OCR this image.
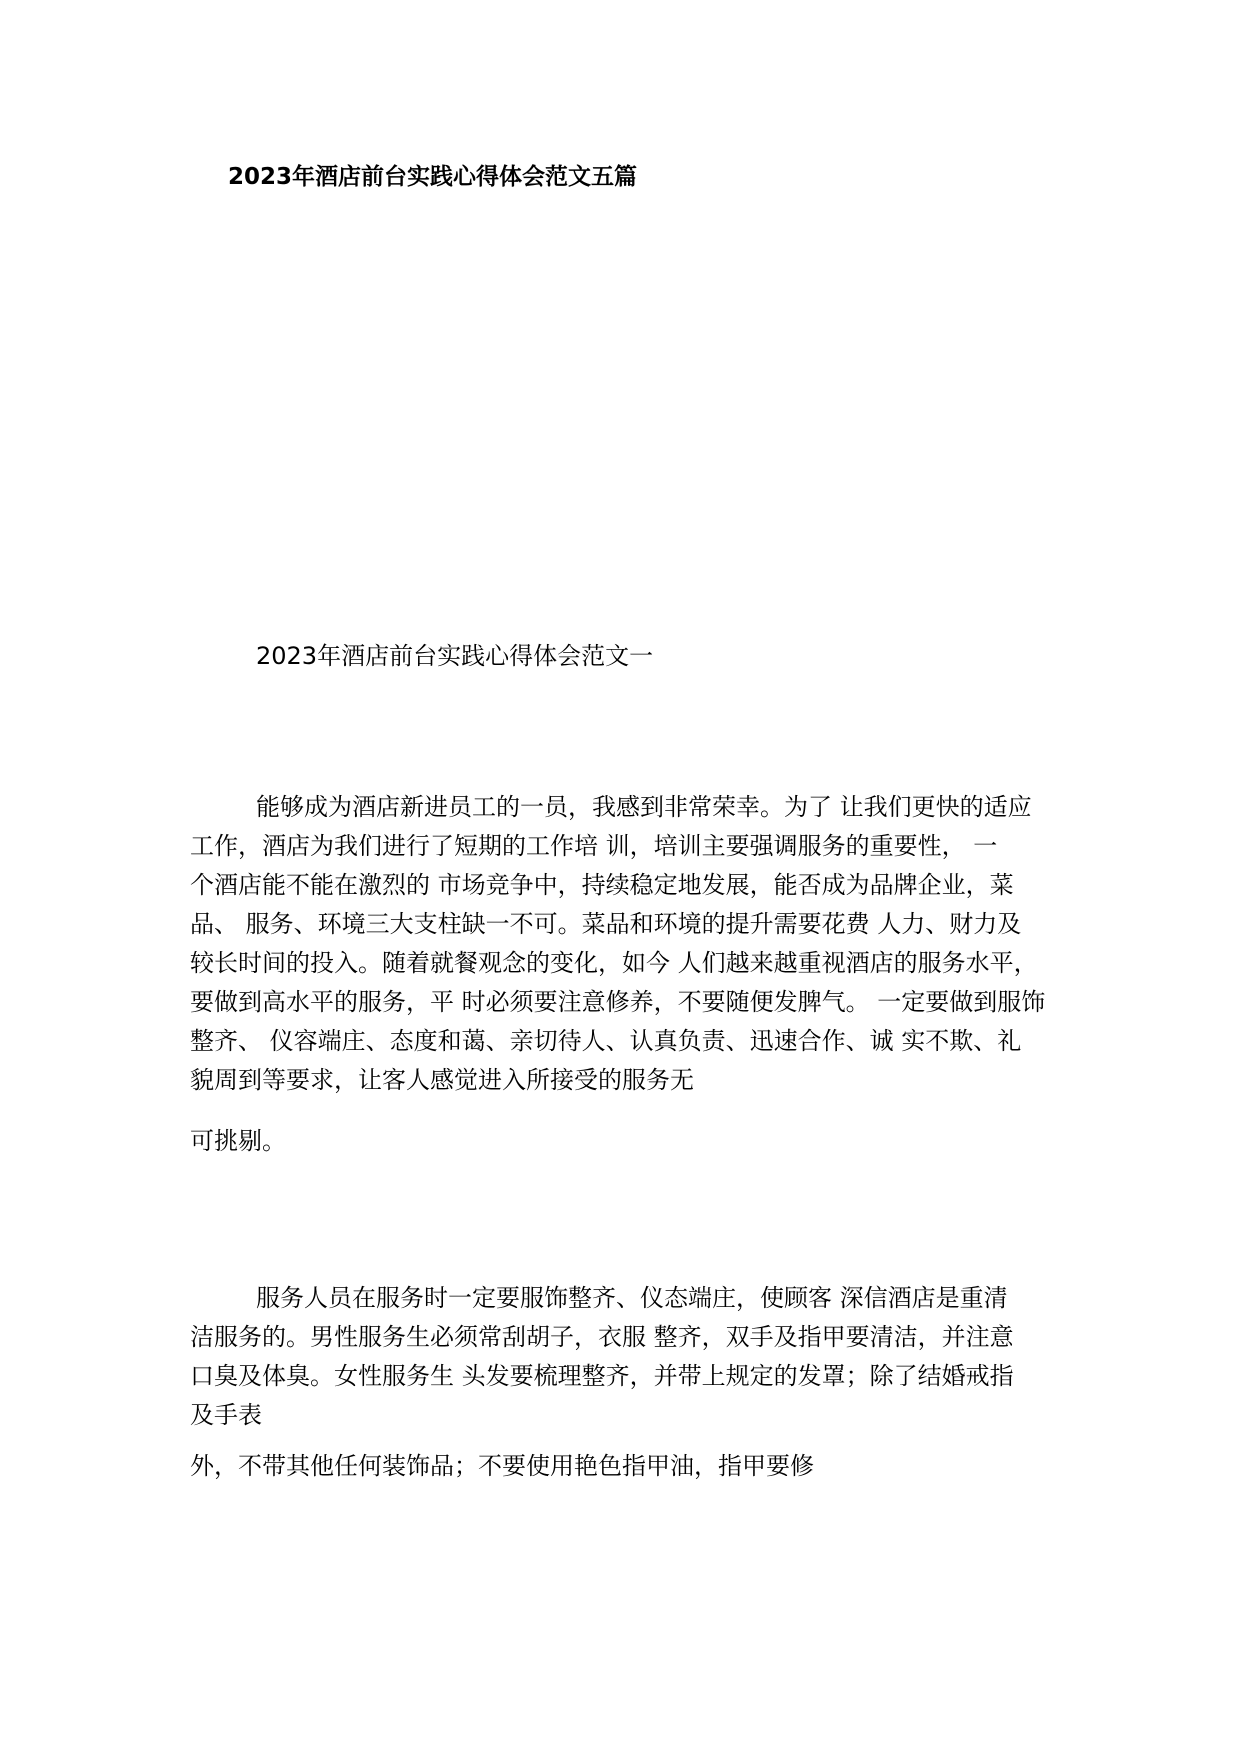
2023年酒店前台实践心得体会范文五篇
2023年酒店前台实践心得体会范文一
能够成为酒店新进员工的一员，我感到非常荣幸。为了 让我们更快的适应
工作，酒店为我们进行了短期的工作培 训，培训主要强调服务的重要性， 一
个酒店能不能在激烈的 市场竞争中，持续稳定地发展，能否成为品牌企业，菜
品、 服务、环境三大支柱缺一不可。菜品和环境的提升需要花费 人力、财力及
较长时间的投入。随着就餐观念的变化，如今 人们越来越重视酒店的服务水平，
要做到高水平的服务，平 时必须要注意修养，不要随便发脾气。 一定要做到服饰
整齐、 仪容端庄、态度和蔼、亲切待人、认真负责、迅速合作、诚 实不欺、礼
貌周到等要求，让客人感觉进入所接受的服务无
可挑剔。
服务人员在服务时一定要服饰整齐、仪态端庄，使顾客 深信酒店是重清
洁服务的。男性服务生必须常刮胡子，衣服 整齐，双手及指甲要清洁，并注意
口臭及体臭。女性服务生 头发要梳理整齐，并带上规定的发罩；除了结婚戒指
及手表
外，不带其他任何装饰品；不要使用艳色指甲油，指甲要修
